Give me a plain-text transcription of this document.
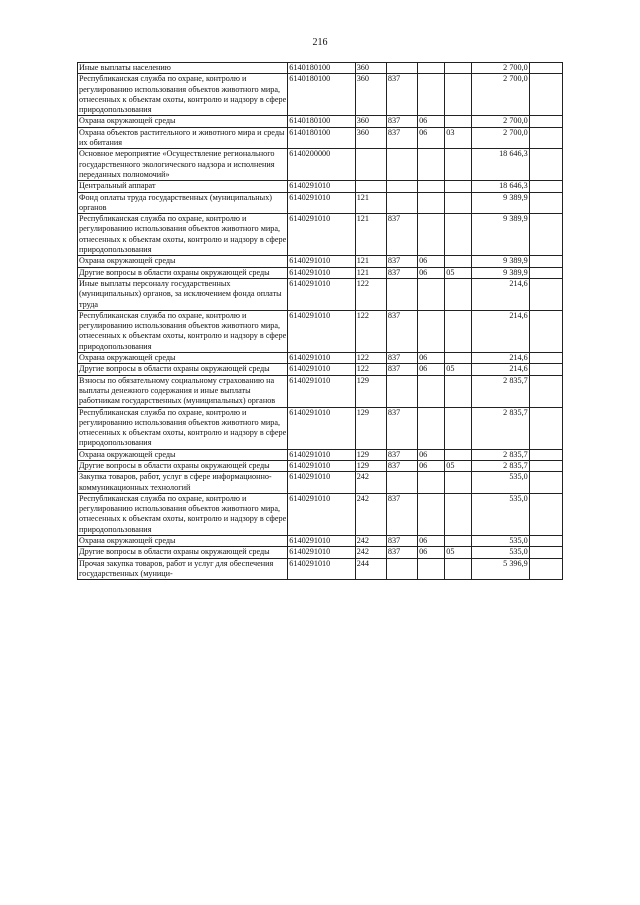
216
Иные выплаты населению	6140180100	360				2 700,0	
Республиканская служба по охране, контролю и регулированию использования объектов животного мира, отнесенных к объектам охоты, контролю и надзору в сфере природопользования	6140180100	360	837			2 700,0	
Охрана окружающей среды	6140180100	360	837	06		2 700,0	
Охрана объектов растительного и животного мира и среды их обитания	6140180100	360	837	06	03	2 700,0	
Основное мероприятие «Осуществление регионального государственного экологического надзора и исполнения переданных полномочий»	6140200000					18 646,3	
Центральный аппарат	6140291010					18 646,3	
Фонд оплаты труда государственных (муниципальных) органов	6140291010	121				9 389,9	
Республиканская служба по охране, контролю и регулированию использования объектов животного мира, отнесенных к объектам охоты, контролю и надзору в сфере природопользования	6140291010	121	837			9 389,9	
Охрана окружающей среды	6140291010	121	837	06		9 389,9	
Другие вопросы в области охраны окружающей среды	6140291010	121	837	06	05	9 389,9	
Иные выплаты персоналу государственных (муниципальных) органов, за исключением фонда оплаты труда	6140291010	122				214,6	
Республиканская служба по охране, контролю и регулированию использования объектов животного мира, отнесенных к объектам охоты, контролю и надзору в сфере природопользования	6140291010	122	837			214,6	
Охрана окружающей среды	6140291010	122	837	06		214,6	
Другие вопросы в области охраны окружающей среды	6140291010	122	837	06	05	214,6	
Взносы по обязательному социальному страхованию на выплаты денежного содержания и иные выплаты работникам государственных (муниципальных) органов	6140291010	129				2 835,7	
Республиканская служба по охране, контролю и регулированию использования объектов животного мира, отнесенных к объектам охоты, контролю и надзору в сфере природопользования	6140291010	129	837			2 835,7	
Охрана окружающей среды	6140291010	129	837	06		2 835,7	
Другие вопросы в области охраны окружающей среды	6140291010	129	837	06	05	2 835,7	
Закупка товаров, работ, услуг в сфере информационно-коммуникационных технологий	6140291010	242				535,0	
Республиканская служба по охране, контролю и регулированию использования объектов животного мира, отнесенных к объектам охоты, контролю и надзору в сфере природопользования	6140291010	242	837			535,0	
Охрана окружающей среды	6140291010	242	837	06		535,0	
Другие вопросы в области охраны окружающей среды	6140291010	242	837	06	05	535,0	
Прочая закупка товаров, работ и услуг для обеспечения государственных (муници-	6140291010	244				5 396,9	
